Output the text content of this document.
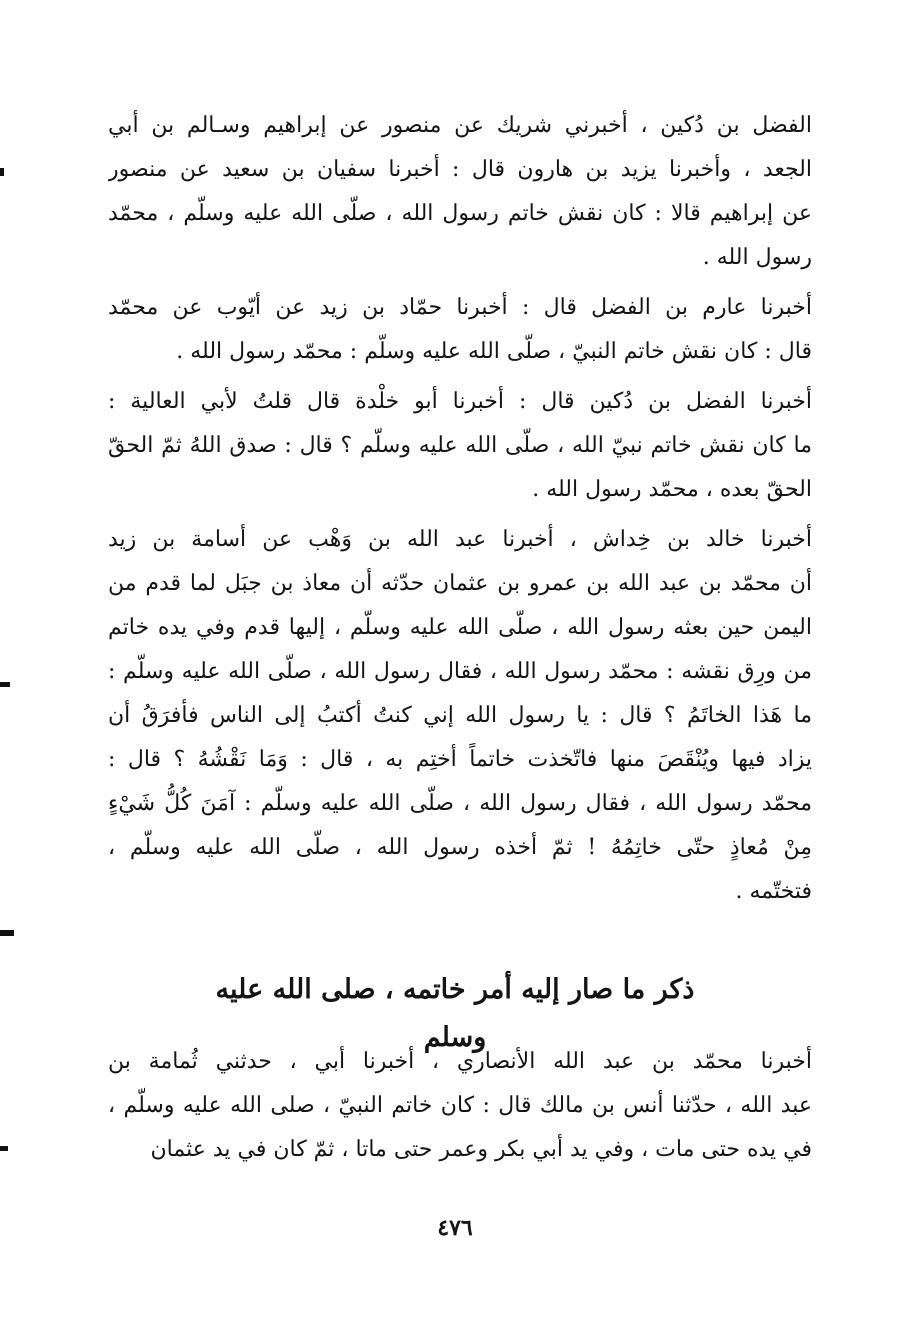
الفضل بن دُكين ، أخبرني شريك عن منصور عن إبراهيم وسـالم بن أبي
الجعد ، وأخبرنا يزيد بن هارون قال : أخبرنا سفيان بن سعيد عن منصور
عن إبراهيم قالا : كان نقش خاتم رسول الله ، صلّى الله عليه وسلّم ، محمّد
رسول الله .
أخبرنا عارم بن الفضل قال : أخبرنا حمّاد بن زيد عن أيّوب عن محمّد
قال : كان نقش خاتم النبيّ ، صلّى الله عليه وسلّم : محمّد رسول الله .
أخبرنا الفضل بن دُكين قال : أخبرنا أبو خلْدة قال قلتُ لأبي العالية :
ما كان نقش خاتم نبيّ الله ، صلّى الله عليه وسلّم ؟ قال : صدق اللهُ ثمّ الحقّ
الحقّ بعده ، محمّد رسول الله .
أخبرنا خالد بن خِداش ، أخبرنا عبد الله بن وَهْب عن أسامة بن زيد
أن محمّد بن عبد الله بن عمرو بن عثمان حدّثه أن معاذ بن جبَل لما قدم من
اليمن حين بعثه رسول الله ، صلّى الله عليه وسلّم ، إليها قدم وفي يده خاتم
من ورِق نقشه : محمّد رسول الله ، فقال رسول الله ، صلّى الله عليه وسلّم :
ما هَذا الخاتَمُ ؟ قال : يا رسول الله إني كنتُ أكتبُ إلى الناس فأفرَقُ أن
يزاد فيها ويُنْقَصَ منها فاتّخذت خاتماً أختِم به ، قال : وَمَا نَقْشُهُ ؟ قال :
محمّد رسول الله ، فقال رسول الله ، صلّى الله عليه وسلّم : آمَنَ كُلُّ شَيْءٍ
مِنْ مُعاذٍ حتّى خاتِمُهُ ! ثمّ أخذه رسول الله ، صلّى الله عليه وسلّم ،
فتختّمه .
ذكر ما صار إليه أمر خاتمه ، صلى الله عليه وسلم
أخبرنا محمّد بن عبد الله الأنصاري ، أخبرنا أبي ، حدثني ثُمامة بن
عبد الله ، حدّثنا أنس بن مالك قال : كان خاتم النبيّ ، صلى الله عليه وسلّم ،
في يده حتى مات ، وفي يد أبي بكر وعمر حتى ماتا ، ثمّ كان في يد عثمان
٤٧٦
